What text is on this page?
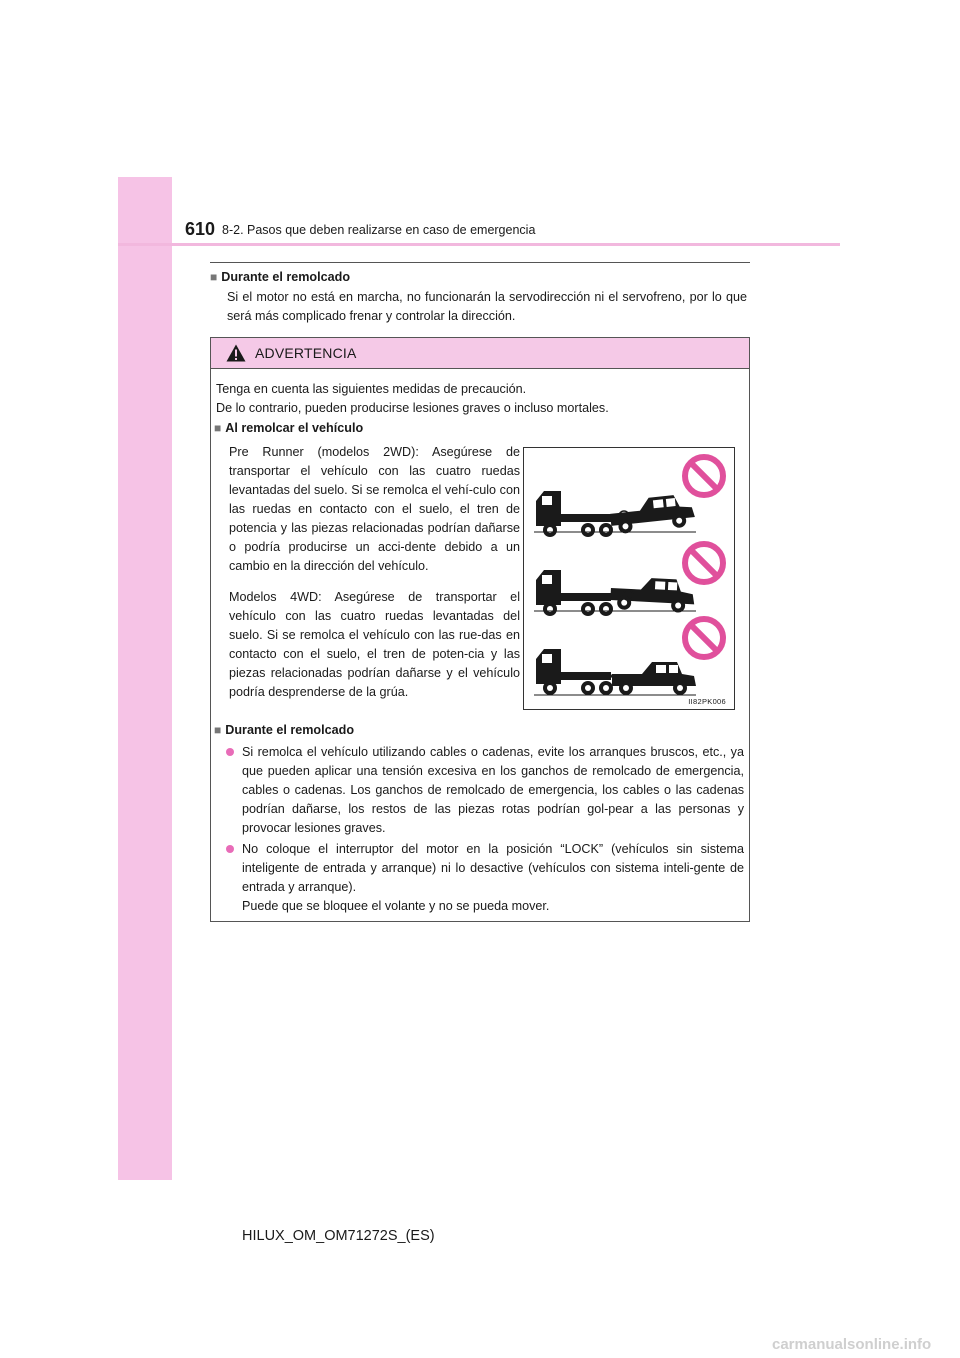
610 8-2. Pasos que deben realizarse en caso de emergencia
■ Durante el remolcado
Si el motor no está en marcha, no funcionarán la servodirección ni el servofreno, por lo que será más complicado frenar y controlar la dirección.
ADVERTENCIA
Tenga en cuenta las siguientes medidas de precaución.
De lo contrario, pueden producirse lesiones graves o incluso mortales.
■ Al remolcar el vehículo
Pre Runner (modelos 2WD): Asegúrese de transportar el vehículo con las cuatro ruedas levantadas del suelo. Si se remolca el vehí-culo con las ruedas en contacto con el suelo, el tren de potencia y las piezas relacionadas podrían dañarse o podría producirse un acci-dente debido a un cambio en la dirección del vehículo.
Modelos 4WD: Asegúrese de transportar el vehículo con las cuatro ruedas levantadas del suelo. Si se remolca el vehículo con las rue-das en contacto con el suelo, el tren de poten-cia y las piezas relacionadas podrían dañarse y el vehículo podría desprenderse de la grúa.
■ Durante el remolcado
Si remolca el vehículo utilizando cables o cadenas, evite los arranques bruscos, etc., ya que pueden aplicar una tensión excesiva en los ganchos de remolcado de emergencia, cables o cadenas. Los ganchos de remolcado de emergencia, los cables o las cadenas podrían dañarse, los restos de las piezas rotas podrían gol-pear a las personas y provocar lesiones graves.
No coloque el interruptor del motor en la posición “LOCK” (vehículos sin sistema inteligente de entrada y arranque) ni lo desactive (vehículos con sistema inteli-gente de entrada y arranque).
Puede que se bloquee el volante y no se pueda mover.
II82PK006
HILUX_OM_OM71272S_(ES)
carmanualsonline.info
